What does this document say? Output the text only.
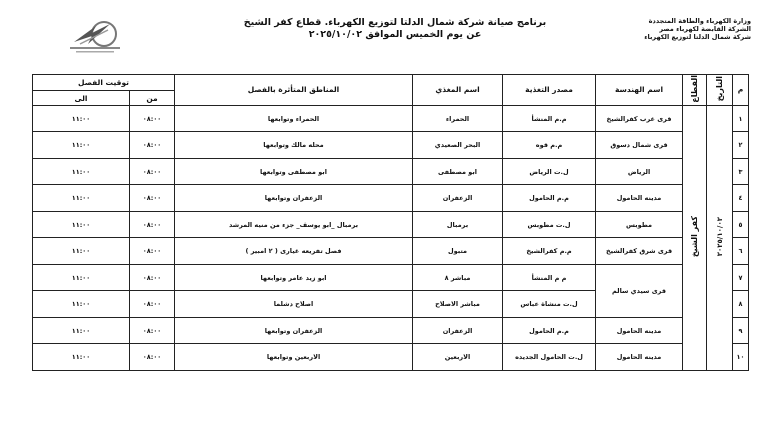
وزارة الكهرباء والطاقة المتجددة
الشركة القابضة لكهرباء مصر
شركة شمال الدلتا لتوزيع الكهرباء
برنامج صيانة شركة شمال الدلتا لتوزيع الكهرباء. قطاع كفر الشيخ
عن يوم الخميس الموافق ٢٠٢٥/١٠/٠٢
م	التاريخ	القطاع	اسم الهندسة	مصدر التغذية	اسم المغذي	المناطق المتأثرة بالفصل	توقيت الفصل	
							من	الى
١	٢٠٢٥/١٠/٠٢	كفر الشيخ	قرى غرب كفرالشيخ	م.م المنشأ	الحمراء	الحمراء وتوابعها	٠٨:٠٠	١١:٠٠
٢			قرى شمال دسوق	م.م قوه	البحر الصعيدي	محله مالك وتوابعها	٠٨:٠٠	١١:٠٠
٣			الرياض	ل.ت الرياض	ابو مصطفى	ابو مصطفى وتوابعها	٠٨:٠٠	١١:٠٠
٤			مدينه الحامول	م.م الحامول	الزعفران	الزعفران وتوابعها	٠٨:٠٠	١١:٠٠
٥			مطوبس	ل.ت مطوبس	برمبال	برمبال _ابو يوسف_ جزء من منيه المرشد	٠٨:٠٠	١١:٠٠
٦			قرى شرق كفرالشيخ	م.م كفرالشيخ	متبول	فصل تفريعه غيارى ( ٢ امبير )	٠٨:٠٠	١١:٠٠
٧			قرى سيدي سالم	م م المنشأ	مباشر ٨	ابو زيد عامر وتوابعها	٠٨:٠٠	١١:٠٠
٨				ل.ت منشاة عباس	مباشر الاصلاح	اصلاح دشلما	٠٨:٠٠	١١:٠٠
٩			مدينه الحامول	م.م الحامول	الزعفران	الزعفران وتوابعها	٠٨:٠٠	١١:٠٠
١٠			مدينه الحامول	ل.ت الحامول الجديده	الاربعين	الاربعين وتوابعها	٠٨:٠٠	١١:٠٠
